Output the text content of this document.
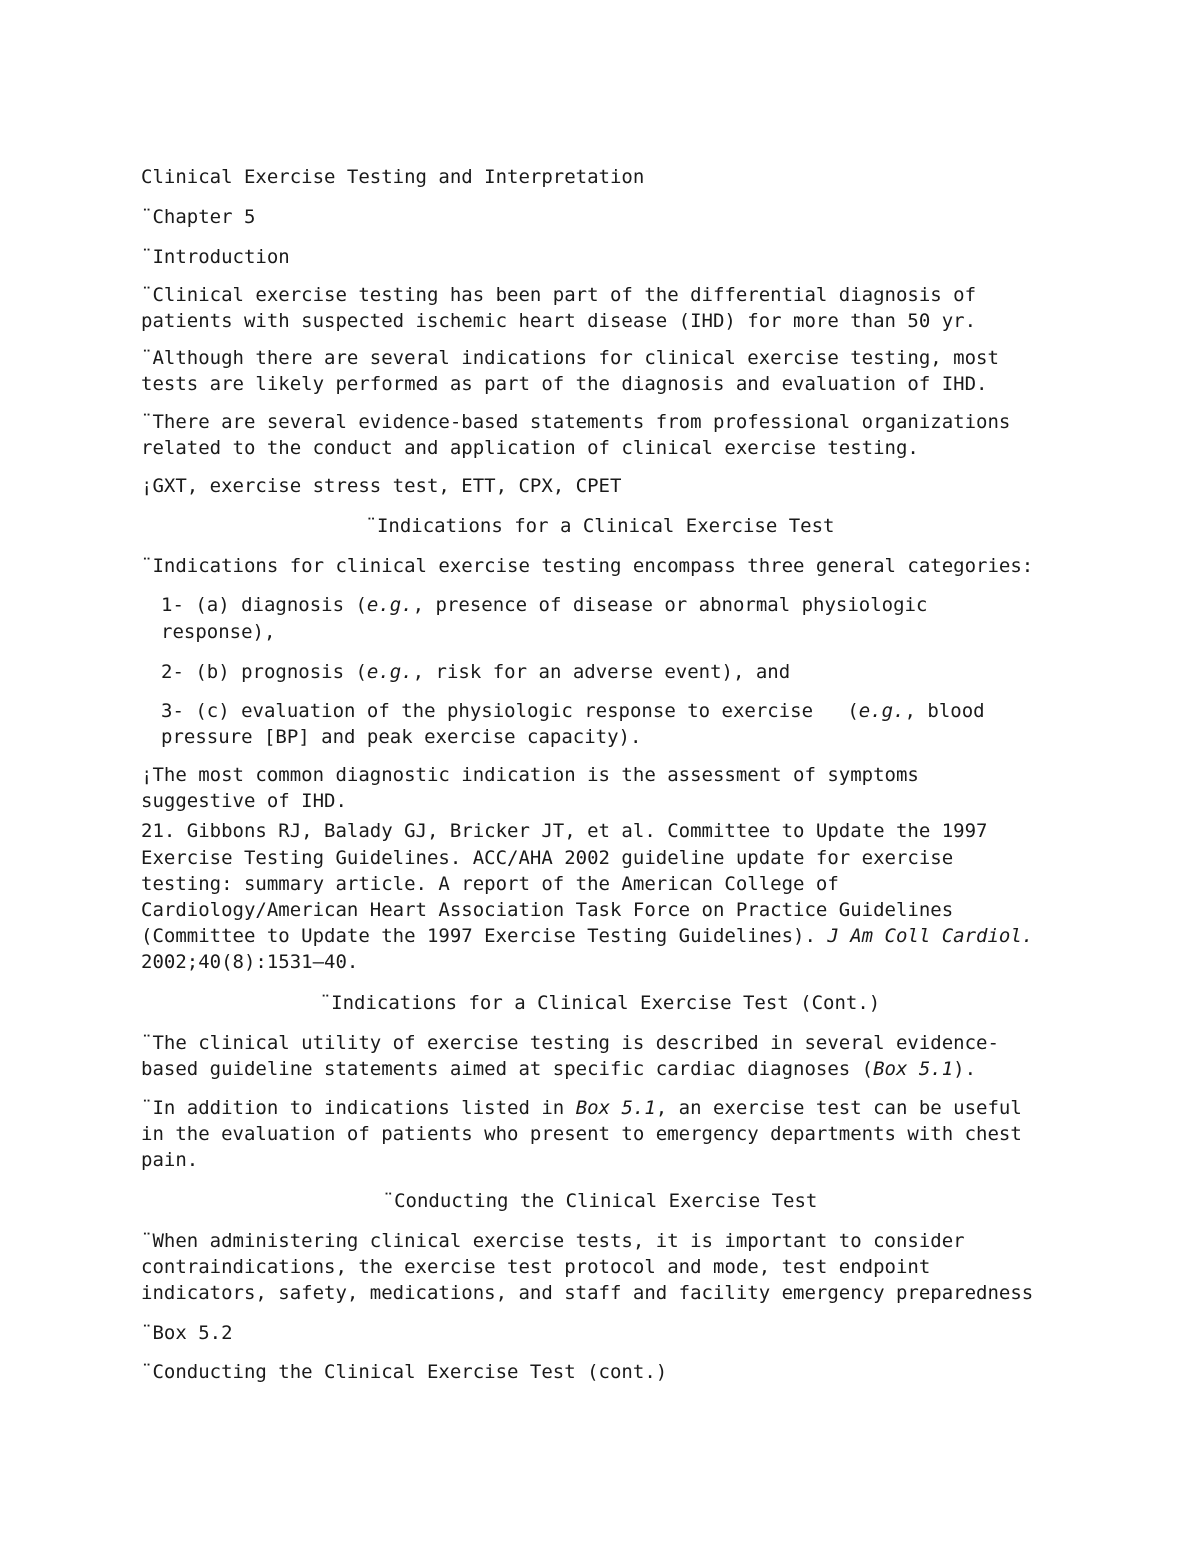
Clinical Exercise Testing and Interpretation
¨Chapter 5
¨Introduction
¨Clinical exercise testing has been part of the differential diagnosis of
patients with suspected ischemic heart disease (IHD) for more than 50 yr.
¨Although there are several indications for clinical exercise testing, most
tests are likely performed as part of the diagnosis and evaluation of IHD.
¨There are several evidence-based statements from professional organizations
related to the conduct and application of clinical exercise testing.
¡GXT, exercise stress test, ETT, CPX, CPET
¨Indications for a Clinical Exercise Test
¨Indications for clinical exercise testing encompass three general categories:
1- (a) diagnosis (e.g., presence of disease or abnormal physiologic
response),
2- (b) prognosis (e.g., risk for an adverse event), and
3- (c) evaluation of the physiologic response to exercise   (e.g., blood
pressure [BP] and peak exercise capacity).
¡The most common diagnostic indication is the assessment of symptoms
suggestive of IHD.
21. Gibbons RJ, Balady GJ, Bricker JT, et al. Committee to Update the 1997
Exercise Testing Guidelines. ACC/AHA 2002 guideline update for exercise
testing: summary article. A report of the American College of
Cardiology/American Heart Association Task Force on Practice Guidelines
(Committee to Update the 1997 Exercise Testing Guidelines). J Am Coll Cardiol.
2002;40(8):1531–40.
¨Indications for a Clinical Exercise Test (Cont.)
¨The clinical utility of exercise testing is described in several evidence-
based guideline statements aimed at specific cardiac diagnoses (Box 5.1).
¨In addition to indications listed in Box 5.1, an exercise test can be useful
in the evaluation of patients who present to emergency departments with chest
pain.
¨Conducting the Clinical Exercise Test
¨When administering clinical exercise tests, it is important to consider
contraindications, the exercise test protocol and mode, test endpoint
indicators, safety, medications, and staff and facility emergency preparedness
¨Box 5.2
¨Conducting the Clinical Exercise Test (cont.)
